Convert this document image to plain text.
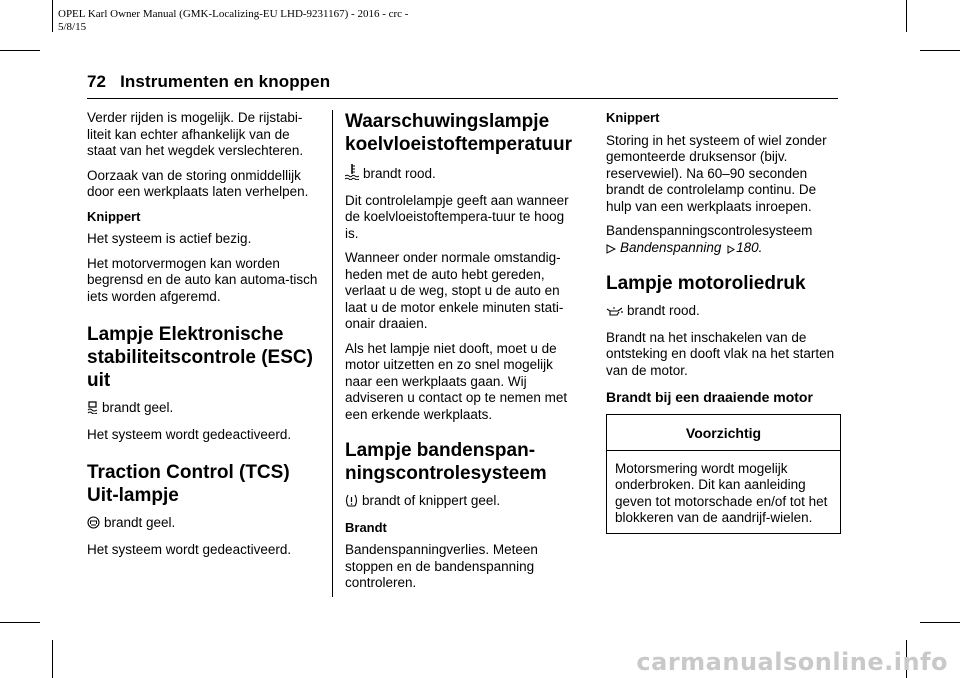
OPEL Karl Owner Manual (GMK-Localizing-EU LHD-9231167) - 2016 - crc -
5/8/15
72 Instrumenten en knoppen

Verder rijden is mogelijk. De rijstabi-liteit kan echter afhankelijk van de staat van het wegdek verslechteren.

Oorzaak van de storing onmiddellijk door een werkplaats laten verhelpen.

Knippert

Het systeem is actief bezig.

Het motorvermogen kan worden begrensd en de auto kan automa-tisch iets worden afgeremd.

Lampje Elektronische stabiliteitscontrole (ESC) uit

brandt geel.

Het systeem wordt gedeactiveerd.

Traction Control (TCS) Uit-lampje

brandt geel.

Het systeem wordt gedeactiveerd.

Waarschuwingslampje koelvloeistoftemperatuur

brandt rood.

Dit controlelampje geeft aan wanneer de koelvloeistoftempera-tuur te hoog is.

Wanneer onder normale omstandig-heden met de auto hebt gereden, verlaat u de weg, stopt u de auto en laat u de motor enkele minuten stati-onair draaien.

Als het lampje niet dooft, moet u de motor uitzetten en zo snel mogelijk naar een werkplaats gaan. Wij adviseren u contact op te nemen met een erkende werkplaats.

Lampje bandenspan-ningscontrolesysteem

brandt of knippert geel.

Brandt

Bandenspanningverlies. Meteen stoppen en de bandenspanning controleren.

Knippert

Storing in het systeem of wiel zonder gemonteerde druksensor (bijv. reservewiel). Na 60–90 seconden brandt de controlelamp continu. De hulp van een werkplaats inroepen.

Bandenspanningscontrolesysteem
Bandenspanning 180.

Lampje motoroliedruk

brandt rood.

Brandt na het inschakelen van de ontsteking en dooft vlak na het starten van de motor.

Brandt bij een draaiende motor
Voorzichtig
Motorsmering wordt mogelijk onderbroken. Dit kan aanleiding geven tot motorschade en/of tot het blokkeren van de aandrijf-wielen.
carmanualsonline.info
